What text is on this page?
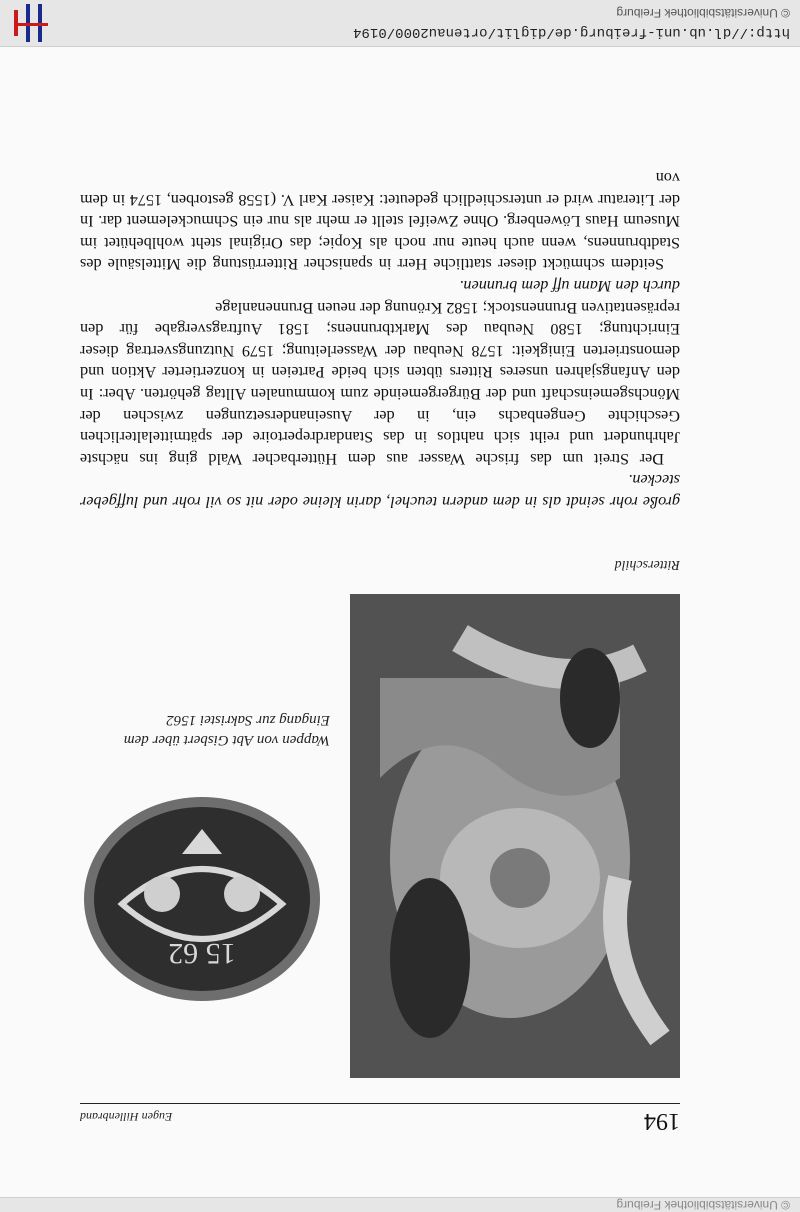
© Universitätsbibliothek Freiburg
194
Eugen Hillenbrand
Ritterschild
15 62
Wappen von Abt Gisbert über dem Eingang zur Sakristei 1562

große rohr seindt als in dem andern teuchel, darin kleine oder nit so vil rohr und luffgeber stecken.

Der Streit um das frische Wasser aus dem Hütterbacher Wald ging ins nächste Jahrhundert und reiht sich nahtlos in das Standardrepertoire der spätmittelalterlichen Geschichte Gengenbachs ein, in der Auseinandersetzungen zwischen der Mönchsgemeinschaft und der Bürgergemeinde zum kommunalen Alltag gehörten. Aber: In den Anfangsjahren unseres Ritters übten sich beide Parteien in konzertierter Aktion und demonstrierten Einigkeit: 1578 Neubau der Wasserleitung; 1579 Nutzungsvertrag dieser Einrichtung; 1580 Neubau des Marktbrunnens; 1581 Auftragsvergabe für den repräsentativen Brunnenstock; 1582 Krönung der neuen Brunnenanlage

durch den Mann uff dem brunnen.

Seitdem schmückt dieser stattliche Herr in spanischer Ritterrüstung die Mittelsäule des Stadtbrunnens, wenn auch heute nur noch als Kopie; das Original steht wohlbehütet im Museum Haus Löwenberg. Ohne Zweifel stellt er mehr als nur ein Schmuckelement dar. In der Literatur wird er unterschiedlich gedeutet: Kaiser Karl V. (1558 gestorben, 1574 in dem von

http://dl.ub.uni-freiburg.de/diglit/ortenau2000/0194
© Universitätsbibliothek Freiburg
